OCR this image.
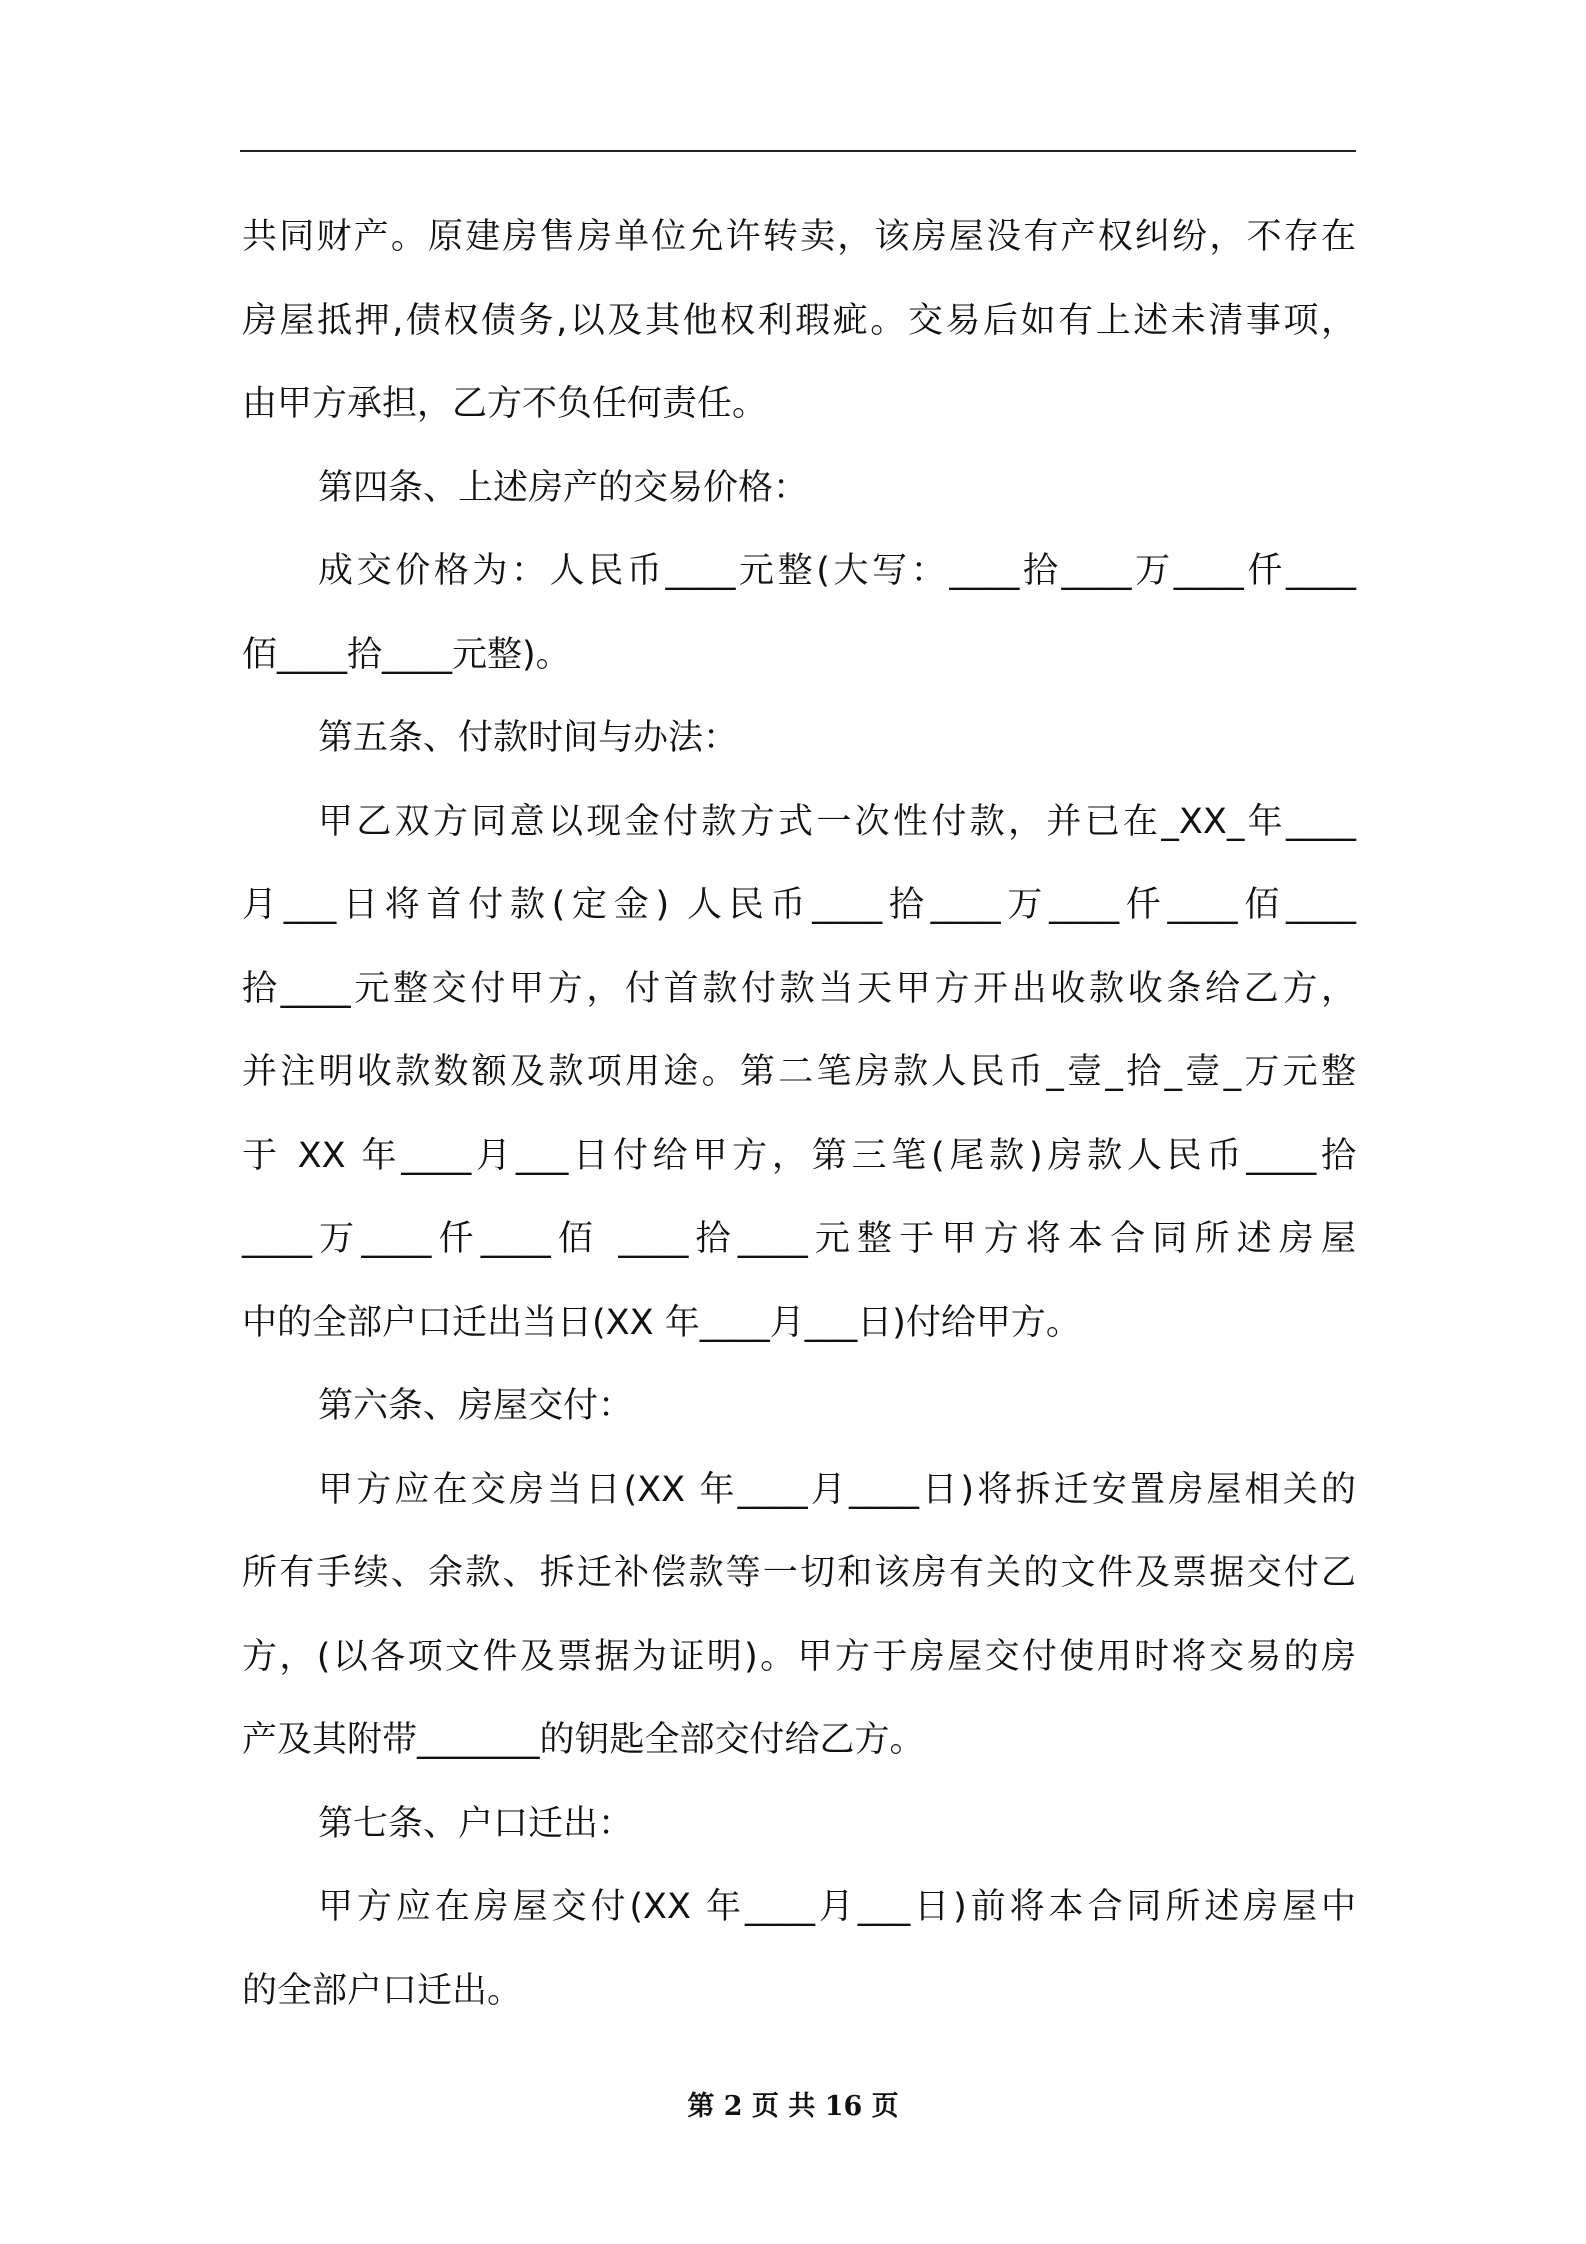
共同财产。原建房售房单位允许转卖，该房屋没有产权纠纷，不存在
房屋抵押,债权债务,以及其他权利瑕疵。交易后如有上述未清事项，
由甲方承担，乙方不负任何责任。
第四条、上述房产的交易价格：
成交价格为：人民币____元整(大写：____拾____万____仟____
佰____拾____元整)。
第五条、付款时间与办法：
甲乙双方同意以现金付款方式一次性付款，并已在_XX_年____
月___日将首付款(定金) 人民币____拾____万____仟____佰____
拾____元整交付甲方，付首款付款当天甲方开出收款收条给乙方，
并注明收款数额及款项用途。第二笔房款人民币_壹_拾_壹_万元整
于 XX 年____月___日付给甲方，第三笔(尾款)房款人民币____拾
____万____仟____佰 ____拾____元整于甲方将本合同所述房屋
中的全部户口迁出当日(XX 年____月___日)付给甲方。
第六条、房屋交付：
甲方应在交房当日(XX 年____月____日)将拆迁安置房屋相关的
所有手续、余款、拆迁补偿款等一切和该房有关的文件及票据交付乙
方，(以各项文件及票据为证明)。甲方于房屋交付使用时将交易的房
产及其附带_______的钥匙全部交付给乙方。
第七条、户口迁出：
甲方应在房屋交付(XX 年____月___日)前将本合同所述房屋中
的全部户口迁出。
第 2 页 共 16 页
